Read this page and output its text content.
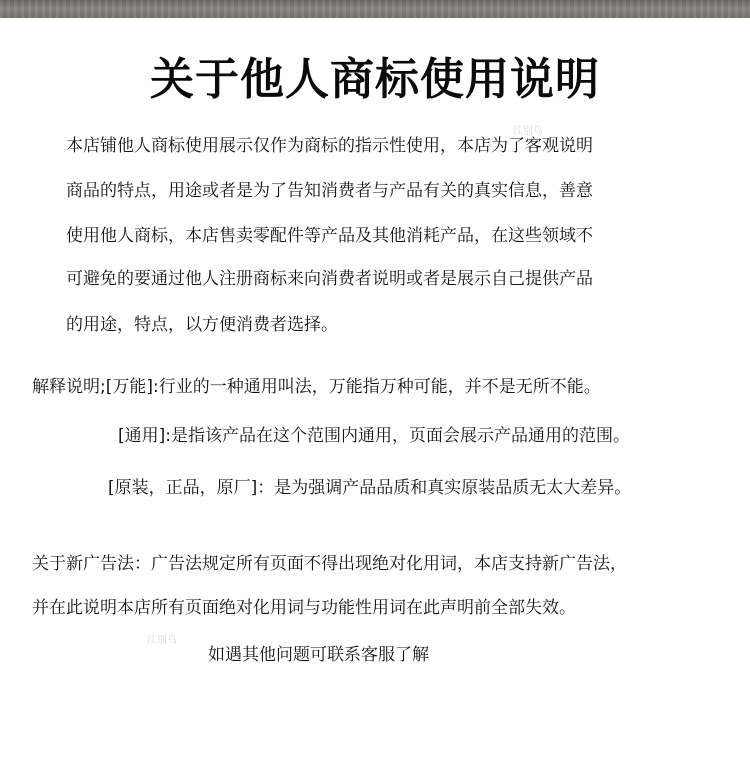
关于他人商标使用说明
江别鸟
本店铺他人商标使用展示仅作为商标的指示性使用，本店为了客观说明
商品的特点，用途或者是为了告知消费者与产品有关的真实信息，善意
使用他人商标，本店售卖零配件等产品及其他消耗产品，在这些领域不
可避免的要通过他人注册商标来向消费者说明或者是展示自己提供产品
的用途，特点，以方便消费者选择。
解释说明;[万能]:行业的一种通用叫法，万能指万种可能，并不是无所不能。
[通用]:是指该产品在这个范围内通用，页面会展示产品通用的范围。
[原装，正品，原厂]：是为强调产品品质和真实原装品质无太大差异。
关于新广告法：广告法规定所有页面不得出现绝对化用词，本店支持新广告法，
并在此说明本店所有页面绝对化用词与功能性用词在此声明前全部失效。
江别鸟
如遇其他问题可联系客服了解
